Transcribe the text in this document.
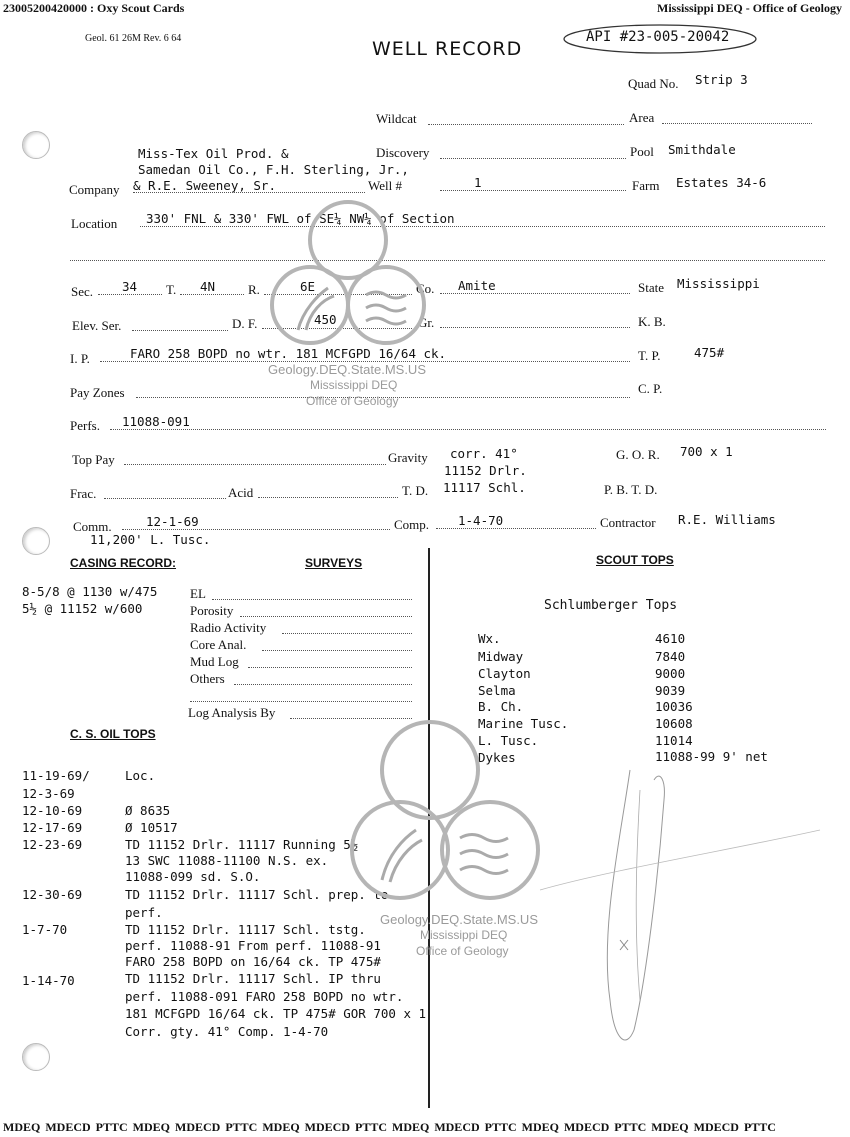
23005200420000 : Oxy Scout Cards	Mississippi DEQ - Office of Geology
Geol. 61 26M Rev. 6 64	WELL RECORD
API #23-005-20042
Quad No. Strip 3
Wildcat	Area
Miss-Tex Oil Prod. &	Discovery	Pool Smithdale
Samedan Oil Co., F.H. Sterling, Jr.,
Company & R.E. Sweeney, Sr.	Well #	1	Farm Estates 34-6
Location 330' FNL & 330' FWL of SE¼ NW¼ of Section
Sec. 34 T. 4N	R.	6E	Co. Amite	State Mississippi
Elev. Ser.	D. F.	450	Gr.	K. B.
I. P.	FARO 258 BOPD no wtr. 181 MCFGPD 16/64 ck.	T. P.	475#
Pay Zones	C. P.
Perfs. 11088-091
Top Pay	Gravity corr. 41°	G. O. R. 700 x 1
11152 Drlr.
Frac.	Acid	T. D. 11117 Schl.	P. B. T. D.
Comm.	12-1-69	Comp. 1-4-70	Contractor R.E. Williams
11,200' L. Tusc.
CASING RECORD:
8-5/8 @ 1130 w/475
5½ @ 11152 w/600
SURVEYS
EL
Porosity
Radio Activity
Core Anal.
Mud Log
Others
Log Analysis By
C. S. OIL TOPS
11-19-69/	Loc.
12-3-69
12-10-69	Ø 8635
12-17-69	Ø 10517
12-23-69	TD 11152 Drlr. 11117 Running 5½
13 SWC 11088-11100 N.S. ex.
11088-099 sd. S.O.
12-30-69	TD 11152 Drlr. 11117 Schl. prep. to
perf.
1-7-70	TD 11152 Drlr. 11117 Schl. tstg.
perf. 11088-91 From perf. 11088-91
FARO 258 BOPD on 16/64 ck. TP 475#
1-14-70	TD 11152 Drlr. 11117 Schl. IP thru
perf. 11088-091 FARO 258 BOPD no wtr.
181 MCFGPD 16/64 ck. TP 475# GOR 700 x 1
Corr. gty. 41° Comp. 1-4-70
SCOUT TOPS
Schlumberger Tops
Wx.	4610
Midway	7840
Clayton	9000
Selma	9039
B. Ch.	10036
Marine Tusc.	10608
L. Tusc.	11014
Dykes	11088-99 9' net
Geology.DEQ.State.MS.US
Mississippi DEQ
Office of Geology
Geology.DEQ.State.MS.US
Mississippi DEQ
Office of Geology
MDEQ MDECD PTTC MDEQ MDECD PTTC MDEQ MDECD PTTC MDEQ MDECD PTTC MDEQ MDECD PTTC MDEQ MDECD PTTC
